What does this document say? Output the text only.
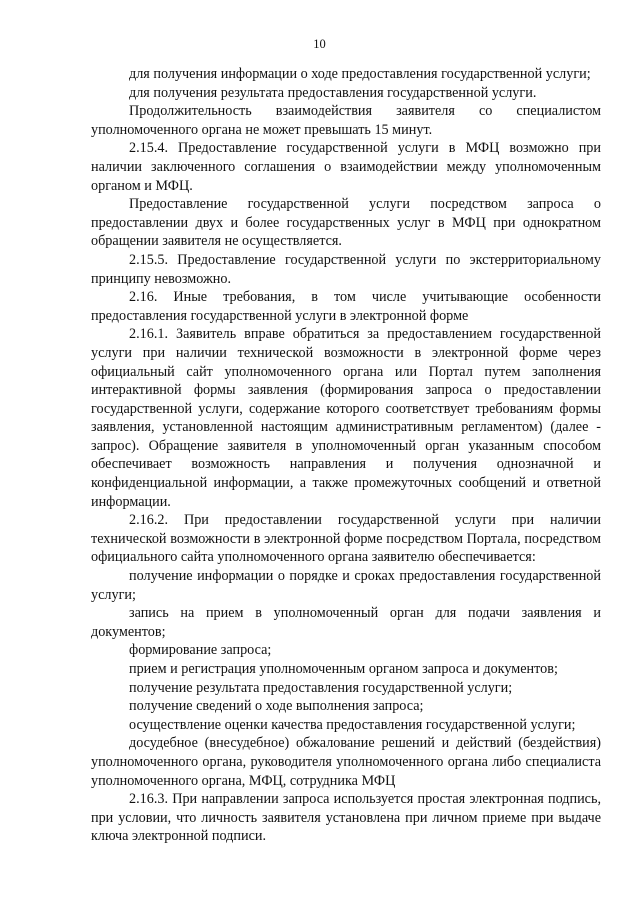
10

для получения информации о ходе предоставления государственной услуги;

для получения результата предоставления государственной услуги.

Продолжительность взаимодействия заявителя со специалистом уполномоченного органа не может превышать 15 минут.

2.15.4. Предоставление государственной услуги в МФЦ возможно при наличии заключенного соглашения о взаимодействии между уполномоченным органом и МФЦ.

Предоставление государственной услуги посредством запроса о предоставлении двух и более государственных услуг в МФЦ при однократном обращении заявителя не осуществляется.

2.15.5. Предоставление государственной услуги по экстерриториальному принципу невозможно.

2.16. Иные требования, в том числе учитывающие особенности предоставления государственной услуги в электронной форме

2.16.1. Заявитель вправе обратиться за предоставлением государственной услуги при наличии технической возможности в электронной форме через официальный сайт уполномоченного органа или Портал путем заполнения интерактивной формы заявления (формирования запроса о предоставлении государственной услуги, содержание которого соответствует требованиям формы заявления, установленной настоящим административным регламентом) (далее - запрос). Обращение заявителя в уполномоченный орган указанным способом обеспечивает возможность направления и получения однозначной и конфиденциальной информации, а также промежуточных сообщений и ответной информации.

2.16.2. При предоставлении государственной услуги при наличии технической возможности в электронной форме посредством Портала, посредством официального сайта уполномоченного органа заявителю обеспечивается:

получение информации о порядке и сроках предоставления государственной услуги;

запись на прием в уполномоченный орган для подачи заявления и документов;

формирование запроса;

прием и регистрация уполномоченным органом запроса и документов;

получение результата предоставления государственной услуги;

получение сведений о ходе выполнения запроса;

осуществление оценки качества предоставления государственной услуги;

досудебное (внесудебное) обжалование решений и действий (бездействия) уполномоченного органа, руководителя уполномоченного органа либо специалиста уполномоченного органа, МФЦ, сотрудника МФЦ

2.16.3. При направлении запроса используется простая электронная подпись, при условии, что личность заявителя установлена при личном приеме при выдаче ключа электронной подписи.
